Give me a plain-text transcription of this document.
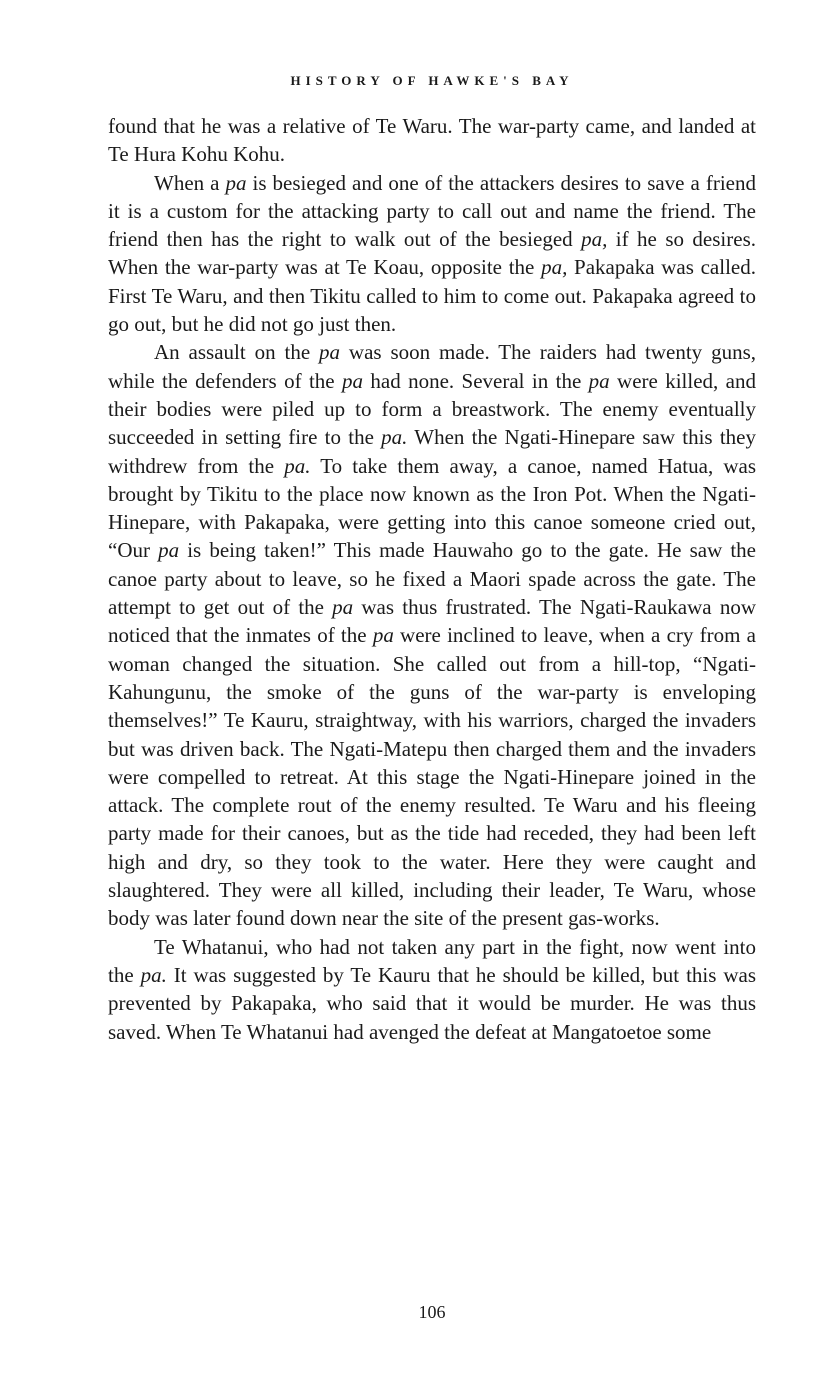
HISTORY OF HAWKE'S BAY

found that he was a relative of Te Waru. The war-party came, and landed at Te Hura Kohu Kohu.

When a pa is besieged and one of the attackers desires to save a friend it is a custom for the attacking party to call out and name the friend. The friend then has the right to walk out of the besieged pa, if he so desires. When the war-party was at Te Koau, opposite the pa, Pakapaka was called. First Te Waru, and then Tikitu called to him to come out. Pakapaka agreed to go out, but he did not go just then.

An assault on the pa was soon made. The raiders had twenty guns, while the defenders of the pa had none. Several in the pa were killed, and their bodies were piled up to form a breastwork. The enemy eventually succeeded in setting fire to the pa. When the Ngati-Hinepare saw this they withdrew from the pa. To take them away, a canoe, named Hatua, was brought by Tikitu to the place now known as the Iron Pot. When the Ngati-Hinepare, with Pakapaka, were getting into this canoe someone cried out, “Our pa is being taken!” This made Hauwaho go to the gate. He saw the canoe party about to leave, so he fixed a Maori spade across the gate. The attempt to get out of the pa was thus frustrated. The Ngati-Raukawa now noticed that the inmates of the pa were inclined to leave, when a cry from a woman changed the situation. She called out from a hill-top, “Ngati-Kahungunu, the smoke of the guns of the war-party is enveloping themselves!” Te Kauru, straightway, with his warriors, charged the invaders but was driven back. The Ngati-Matepu then charged them and the invaders were compelled to retreat. At this stage the Ngati-Hinepare joined in the attack. The complete rout of the enemy resulted. Te Waru and his fleeing party made for their canoes, but as the tide had receded, they had been left high and dry, so they took to the water. Here they were caught and slaughtered. They were all killed, including their leader, Te Waru, whose body was later found down near the site of the present gas-works.

Te Whatanui, who had not taken any part in the fight, now went into the pa. It was suggested by Te Kauru that he should be killed, but this was prevented by Pakapaka, who said that it would be murder. He was thus saved. When Te Whatanui had avenged the defeat at Mangatoetoe some

106
